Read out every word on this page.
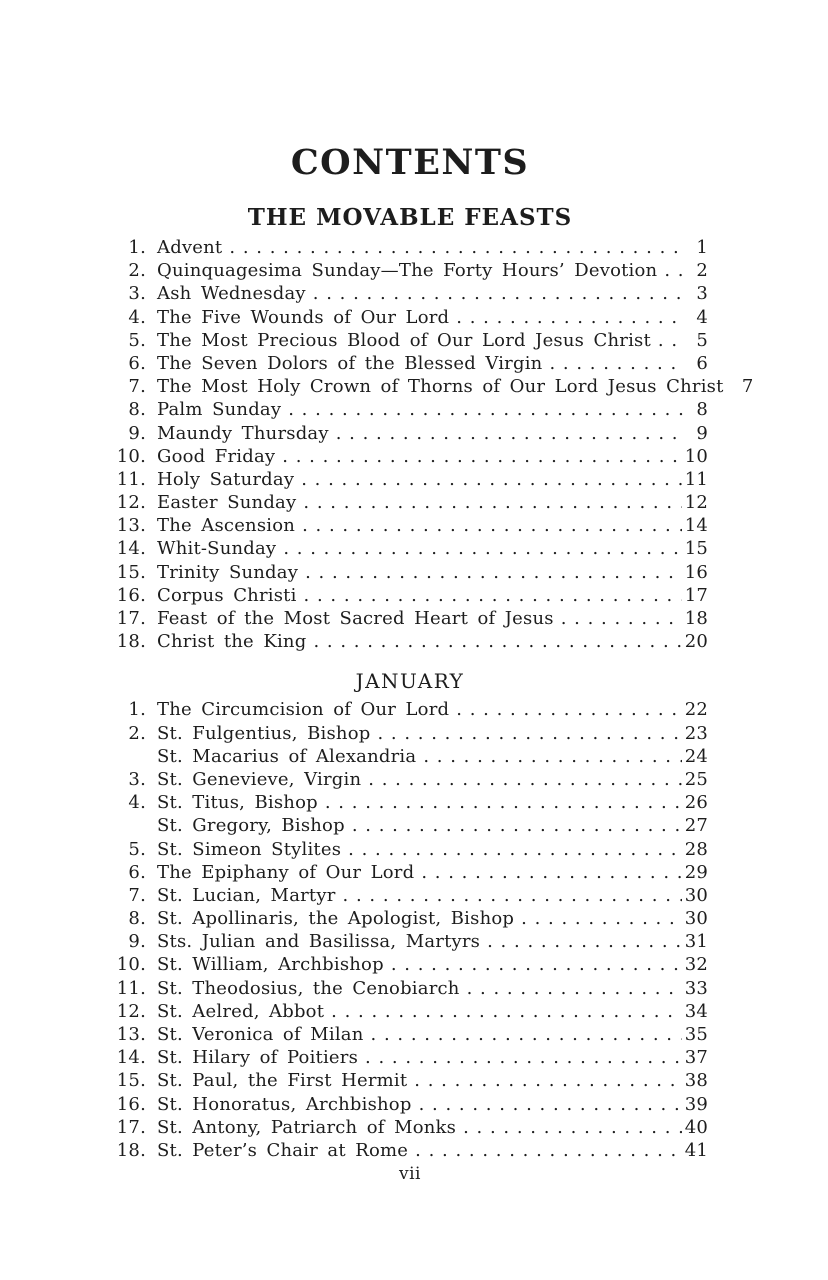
CONTENTS
THE MOVABLE FEASTS
1. Advent . . .	1
2. Quinquagesima Sunday—The Forty Hours’ Devotion . . .	2
3. Ash Wednesday . . .	3
4. The Five Wounds of Our Lord . . .	4
5. The Most Precious Blood of Our Lord Jesus Christ . . .	5
6. The Seven Dolors of the Blessed Virgin . . .	6
7. The Most Holy Crown of Thorns of Our Lord Jesus Christ	7
8. Palm Sunday . . .	8
9. Maundy Thursday . . .	9
10. Good Friday . . .	10
11. Holy Saturday . . .	11
12. Easter Sunday . . .	12
13. The Ascension . . .	14
14. Whit-Sunday . . .	15
15. Trinity Sunday . . .	16
16. Corpus Christi . . .	17
17. Feast of the Most Sacred Heart of Jesus . . .	18
18. Christ the King . . .	20
JANUARY
1. The Circumcision of Our Lord . . .	22
2. St. Fulgentius, Bishop . . .	23
St. Macarius of Alexandria . . .	24
3. St. Genevieve, Virgin . . .	25
4. St. Titus, Bishop . . .	26
St. Gregory, Bishop . . .	27
5. St. Simeon Stylites . . .	28
6. The Epiphany of Our Lord . . .	29
7. St. Lucian, Martyr . . .	30
8. St. Apollinaris, the Apologist, Bishop . . .	30
9. Sts. Julian and Basilissa, Martyrs . . .	31
10. St. William, Archbishop . . .	32
11. St. Theodosius, the Cenobiarch . . .	33
12. St. Aelred, Abbot . . .	34
13. St. Veronica of Milan . . .	35
14. St. Hilary of Poitiers . . .	37
15. St. Paul, the First Hermit . . .	38
16. St. Honoratus, Archbishop . . .	39
17. St. Antony, Patriarch of Monks . . .	40
18. St. Peter’s Chair at Rome . . .	41
vii
